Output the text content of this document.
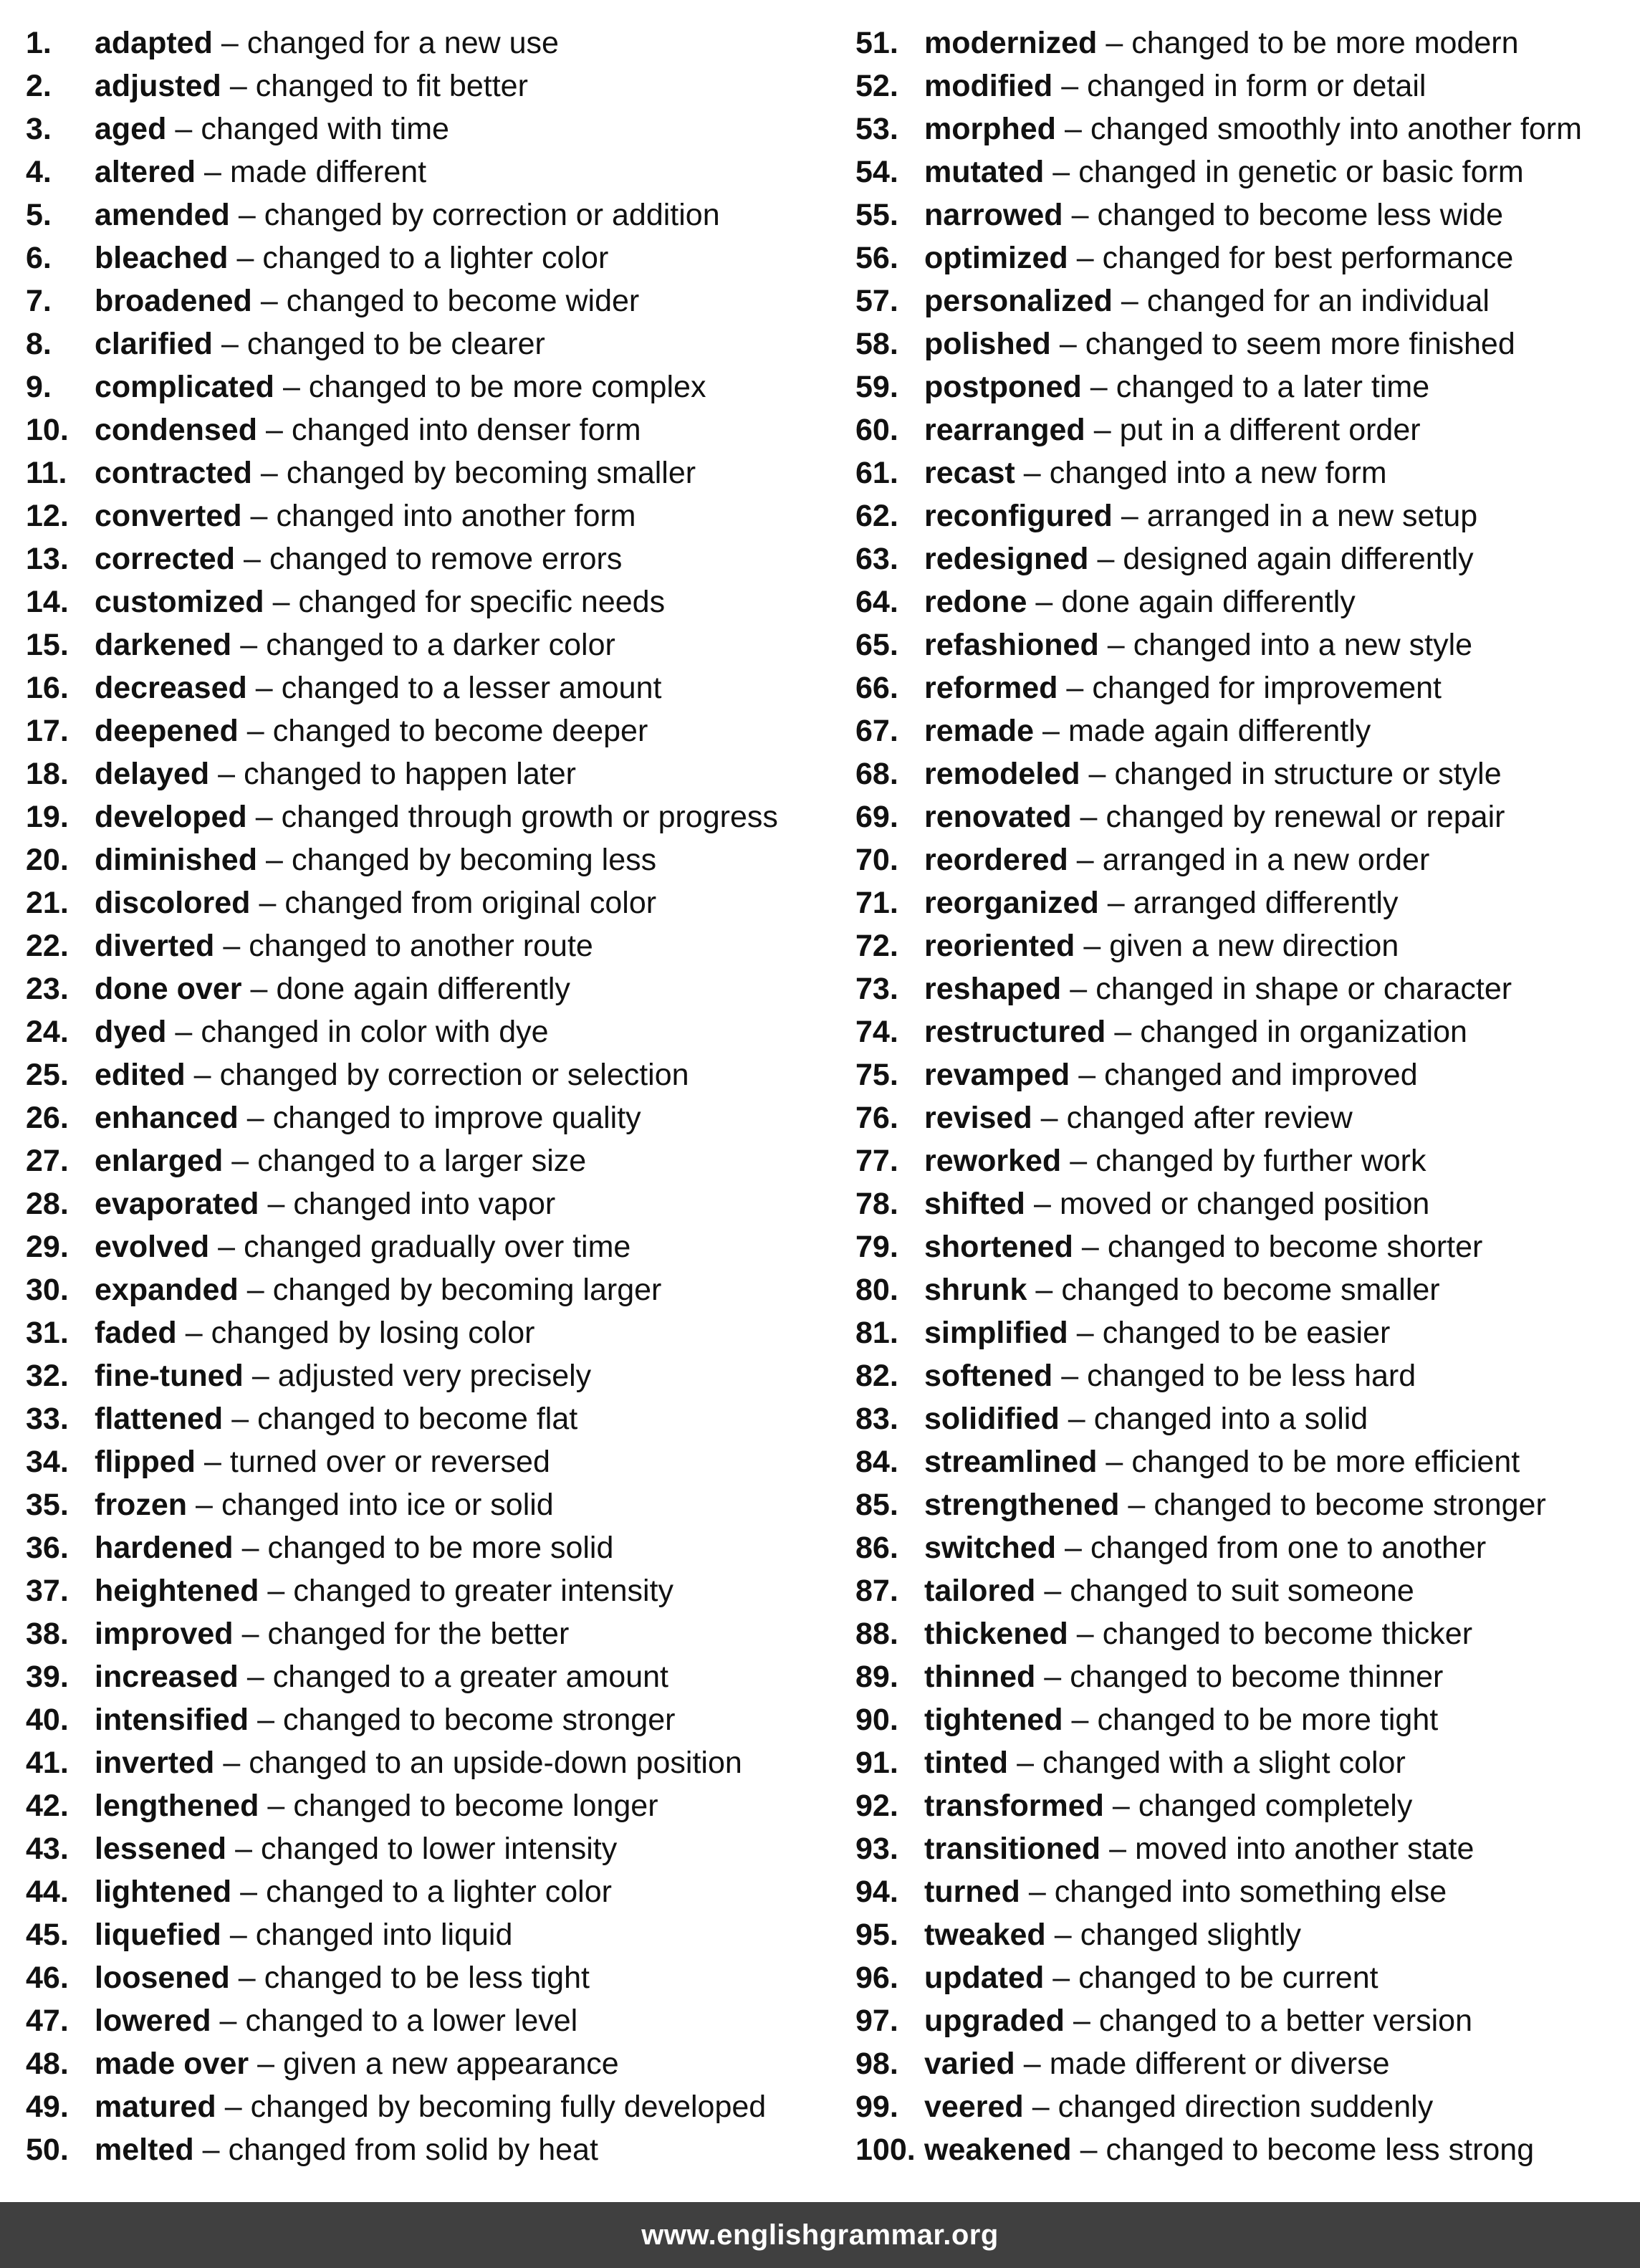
1.	adapted – changed for a new use
2.	adjusted – changed to fit better
3.	aged – changed with time
4.	altered – made different
5.	amended – changed by correction or addition
6.	bleached – changed to a lighter color
7.	broadened – changed to become wider
8.	clarified – changed to be clearer
9.	complicated – changed to be more complex
10. condensed – changed into denser form
11. contracted – changed by becoming smaller
12. converted – changed into another form
13. corrected – changed to remove errors
14. customized – changed for specific needs
15. darkened – changed to a darker color
16. decreased – changed to a lesser amount
17. deepened – changed to become deeper
18. delayed – changed to happen later
19. developed – changed through growth or progress
20. diminished – changed by becoming less
21. discolored – changed from original color
22. diverted – changed to another route
23. done over – done again differently
24. dyed – changed in color with dye
25. edited – changed by correction or selection
26. enhanced – changed to improve quality
27. enlarged – changed to a larger size
28. evaporated – changed into vapor
29. evolved – changed gradually over time
30. expanded – changed by becoming larger
31. faded – changed by losing color
32. fine-tuned – adjusted very precisely
33. flattened – changed to become flat
34. flipped – turned over or reversed
35. frozen – changed into ice or solid
36. hardened – changed to be more solid
37. heightened – changed to greater intensity
38. improved – changed for the better
39. increased – changed to a greater amount
40. intensified – changed to become stronger
41. inverted – changed to an upside-down position
42. lengthened – changed to become longer
43. lessened – changed to lower intensity
44. lightened – changed to a lighter color
45. liquefied – changed into liquid
46. loosened – changed to be less tight
47. lowered – changed to a lower level
48. made over – given a new appearance
49. matured – changed by becoming fully developed
50. melted – changed from solid by heat
51. modernized – changed to be more modern
52. modified – changed in form or detail
53. morphed – changed smoothly into another form
54. mutated – changed in genetic or basic form
55. narrowed – changed to become less wide
56. optimized – changed for best performance
57. personalized – changed for an individual
58. polished – changed to seem more finished
59. postponed – changed to a later time
60. rearranged – put in a different order
61. recast – changed into a new form
62. reconfigured – arranged in a new setup
63. redesigned – designed again differently
64. redone – done again differently
65. refashioned – changed into a new style
66. reformed – changed for improvement
67. remade – made again differently
68. remodeled – changed in structure or style
69. renovated – changed by renewal or repair
70. reordered – arranged in a new order
71. reorganized – arranged differently
72. reoriented – given a new direction
73. reshaped – changed in shape or character
74. restructured – changed in organization
75. revamped – changed and improved
76. revised – changed after review
77. reworked – changed by further work
78. shifted – moved or changed position
79. shortened – changed to become shorter
80. shrunk – changed to become smaller
81. simplified – changed to be easier
82. softened – changed to be less hard
83. solidified – changed into a solid
84. streamlined – changed to be more efficient
85. strengthened – changed to become stronger
86. switched – changed from one to another
87. tailored – changed to suit someone
88. thickened – changed to become thicker
89. thinned – changed to become thinner
90. tightened – changed to be more tight
91. tinted – changed with a slight color
92. transformed – changed completely
93. transitioned – moved into another state
94. turned – changed into something else
95. tweaked – changed slightly
96. updated – changed to be current
97. upgraded – changed to a better version
98. varied – made different or diverse
99. veered – changed direction suddenly
100. weakened – changed to become less strong
www.englishgrammar.org
